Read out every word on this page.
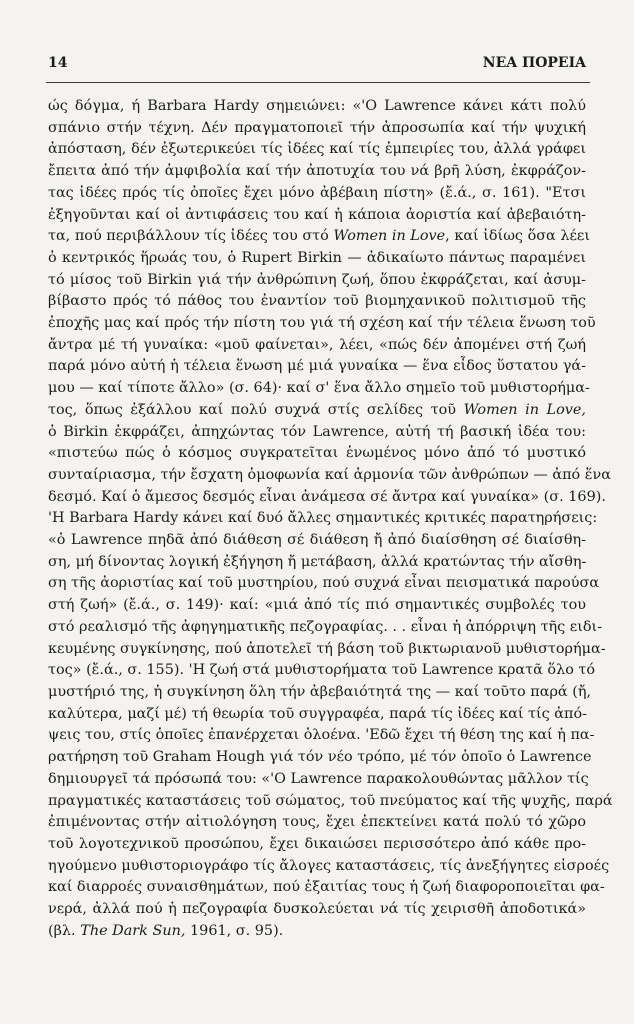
14	ΝΕΑ ΠΟΡΕΙΑ
ώς δόγμα, ή Barbara Hardy σημειώνει: «'Ο Lawrence κάνει κάτι πολύ
σπάνιο στήν τέχνη. Δέν πραγματοποιεῖ τήν ἀπροσωπία καί τήν ψυχική
ἀπόσταση, δέν ἐξωτερικεύει τίς ἰδέες καί τίς ἐμπειρίες του, ἀλλά γράφει
ἔπειτα ἀπό τήν ἀμφιβολία καί τήν ἀποτυχία του νά βρῆ λύση, ἐκφράζον-
τας ἰδέες πρός τίς ὁποῖες ἔχει μόνο ἀβέβαιη πίστη» (ἔ.ά., σ. 161). "Ετσι
ἐξηγοῦνται καί οἱ ἀντιφάσεις του καί ἡ κάποια ἀοριστία καί ἀβεβαιότη-
τα, πού περιβάλλουν τίς ἰδέες του στό Women in Love, καί ἰδίως ὅσα λέει
ὁ κεντρικός ἥρωάς του, ὁ Rupert Birkin — ἀδικαίωτο πάντως παραμένει
τό μίσος τοῦ Birkin γιά τήν ἀνθρώπινη ζωή, ὅπου ἐκφράζεται, καί ἀσυμ-
βίβαστο πρός τό πάθος του ἐναντίον τοῦ βιομηχανικοῦ πολιτισμοῦ τῆς
ἐποχῆς μας καί πρός τήν πίστη του γιά τή σχέση καί τήν τέλεια ἕνωση τοῦ
ἄντρα μέ τή γυναίκα: «μοῦ φαίνεται», λέει, «πώς δέν ἀπομένει στή ζωή
παρά μόνο αὐτή ἡ τέλεια ἕνωση μέ μιά γυναίκα — ἕνα εἶδος ὕστατου γά-
μου — καί τίποτε ἄλλο» (σ. 64)· καί σ' ἕνα ἄλλο σημεῖο τοῦ μυθιστορήμα-
τος, ὅπως ἐξάλλου καί πολύ συχνά στίς σελίδες τοῦ Women in Love,
ὁ Birkin ἐκφράζει, ἀπηχώντας τόν Lawrence, αὐτή τή βασική ἰδέα του:
«πιστεύω πώς ὁ κόσμος συγκρατεῖται ἑνωμένος μόνο ἀπό τό μυστικό
συνταίριασμα, τήν ἔσχατη ὁμοφωνία καί ἁρμονία τῶν ἀνθρώπων — ἀπό ἕνα
δεσμό. Καί ὁ ἄμεσος δεσμός εἶναι ἀνάμεσα σέ ἄντρα καί γυναίκα» (σ. 169).
'Η Barbara Hardy κάνει καί δυό ἄλλες σημαντικές κριτικές παρατηρήσεις:
«ὁ Lawrence πηδᾶ ἀπό διάθεση σέ διάθεση ἤ ἀπό διαίσθηση σέ διαίσθη-
ση, μή δίνοντας λογική ἐξήγηση ἤ μετάβαση, ἀλλά κρατώντας τήν αἴσθη-
ση τῆς ἀοριστίας καί τοῦ μυστηρίου, πού συχνά εἶναι πεισματικά παρούσα
στή ζωή» (ἔ.ά., σ. 149)· καί: «μιά ἀπό τίς πιό σημαντικές συμβολές του
στό ρεαλισμό τῆς ἀφηγηματικῆς πεζογραφίας. . . εἶναι ἡ ἀπόρριψη τῆς ειδι-
κευμένης συγκίνησης, πού ἀποτελεῖ τή βάση τοῦ βικτωριανοῦ μυθιστορήμα-
τος» (ἔ.ά., σ. 155). 'Η ζωή στά μυθιστορήματα τοῦ Lawrence κρατᾶ ὅλο τό
μυστήριό της, ἡ συγκίνηση ὅλη τήν ἀβεβαιότητά της — καί τοῦτο παρά (ἤ,
καλύτερα, μαζί μέ) τή θεωρία τοῦ συγγραφέα, παρά τίς ἰδέες καί τίς ἀπό-
ψεις του, στίς ὁποῖες ἐπανέρχεται ὁλοένα. 'Εδῶ ἔχει τή θέση της καί ἡ πα-
ρατήρηση τοῦ Graham Hough γιά τόν νέο τρόπο, μέ τόν ὁποῖο ὁ Lawrence
δημιουργεῖ τά πρόσωπά του: «'Ο Lawrence παρακολουθώντας μᾶλλον τίς
πραγματικές καταστάσεις τοῦ σώματος, τοῦ πνεύματος καί τῆς ψυχῆς, παρά
ἐπιμένοντας στήν αἰτιολόγηση τους, ἔχει ἐπεκτείνει κατά πολύ τό χῶρο
τοῦ λογοτεχνικοῦ προσώπου, ἔχει δικαιώσει περισσότερο ἀπό κάθε προ-
ηγούμενο μυθιστοριογράφο τίς ἄλογες καταστάσεις, τίς ἀνεξήγητες εἰσροές
καί διαρροές συναισθημάτων, πού ἐξαιτίας τους ἡ ζωή διαφοροποιεῖται φα-
νερά, ἀλλά πού ἡ πεζογραφία δυσκολεύεται νά τίς χειρισθῆ ἀποδοτικά»
(βλ. The Dark Sun, 1961, σ. 95).
